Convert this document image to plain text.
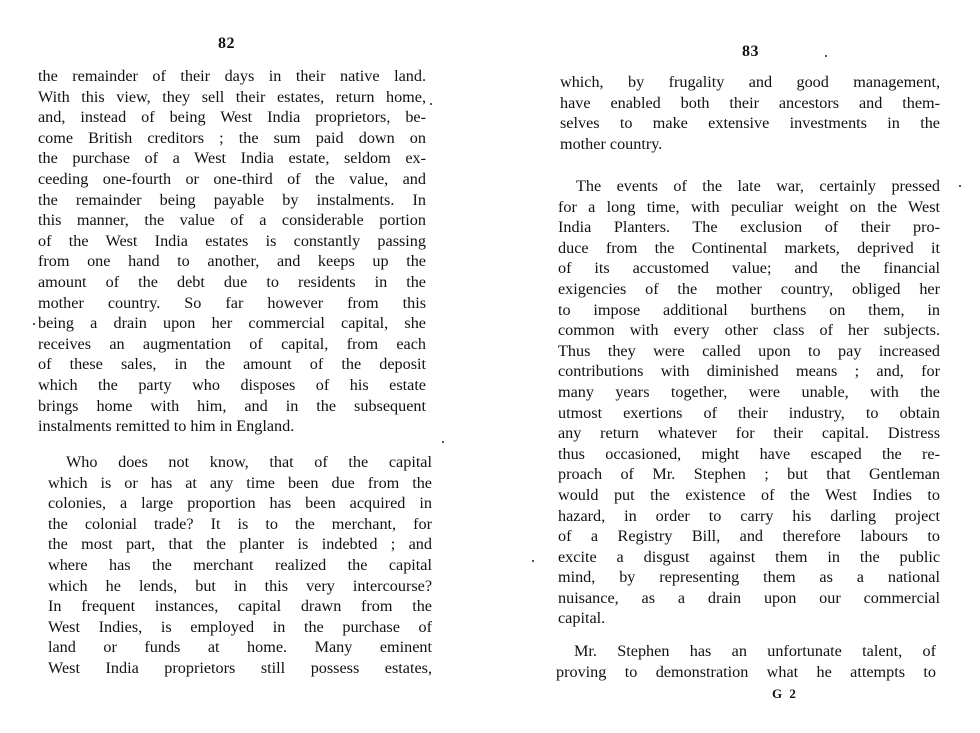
82
the remainder of their days in their native land.
With this view, they sell their estates, return home,
and, instead of being West India proprietors, be-
come British creditors ; the sum paid down on
the purchase of a West India estate, seldom ex-
ceeding one-fourth or one-third of the value, and
the remainder being payable by instalments. In
this manner, the value of a considerable portion
of the West India estates is constantly passing
from one hand to another, and keeps up the
amount of the debt due to residents in the
mother country. So far however from this
being a drain upon her commercial capital, she
receives an augmentation of capital, from each
of these sales, in the amount of the deposit
which the party who disposes of his estate
brings home with him, and in the subsequent
instalments remitted to him in England.
Who does not know, that of the capital
which is or has at any time been due from the
colonies, a large proportion has been acquired in
the colonial trade? It is to the merchant, for
the most part, that the planter is indebted ; and
where has the merchant realized the capital
which he lends, but in this very intercourse?
In frequent instances, capital drawn from the
West Indies, is employed in the purchase of
land or funds at home. Many eminent
West India proprietors still possess estates,
83
which, by frugality and good management,
have enabled both their ancestors and them-
selves to make extensive investments in the
mother country.
The events of the late war, certainly pressed
for a long time, with peculiar weight on the West
India Planters. The exclusion of their pro-
duce from the Continental markets, deprived it
of its accustomed value; and the financial
exigencies of the mother country, obliged her
to impose additional burthens on them, in
common with every other class of her subjects.
Thus they were called upon to pay increased
contributions with diminished means ; and, for
many years together, were unable, with the
utmost exertions of their industry, to obtain
any return whatever for their capital. Distress
thus occasioned, might have escaped the re-
proach of Mr. Stephen ; but that Gentleman
would put the existence of the West Indies to
hazard, in order to carry his darling project
of a Registry Bill, and therefore labours to
excite a disgust against them in the public
mind, by representing them as a national
nuisance, as a drain upon our commercial
capital.
Mr. Stephen has an unfortunate talent, of
proving to demonstration what he attempts to
G 2
